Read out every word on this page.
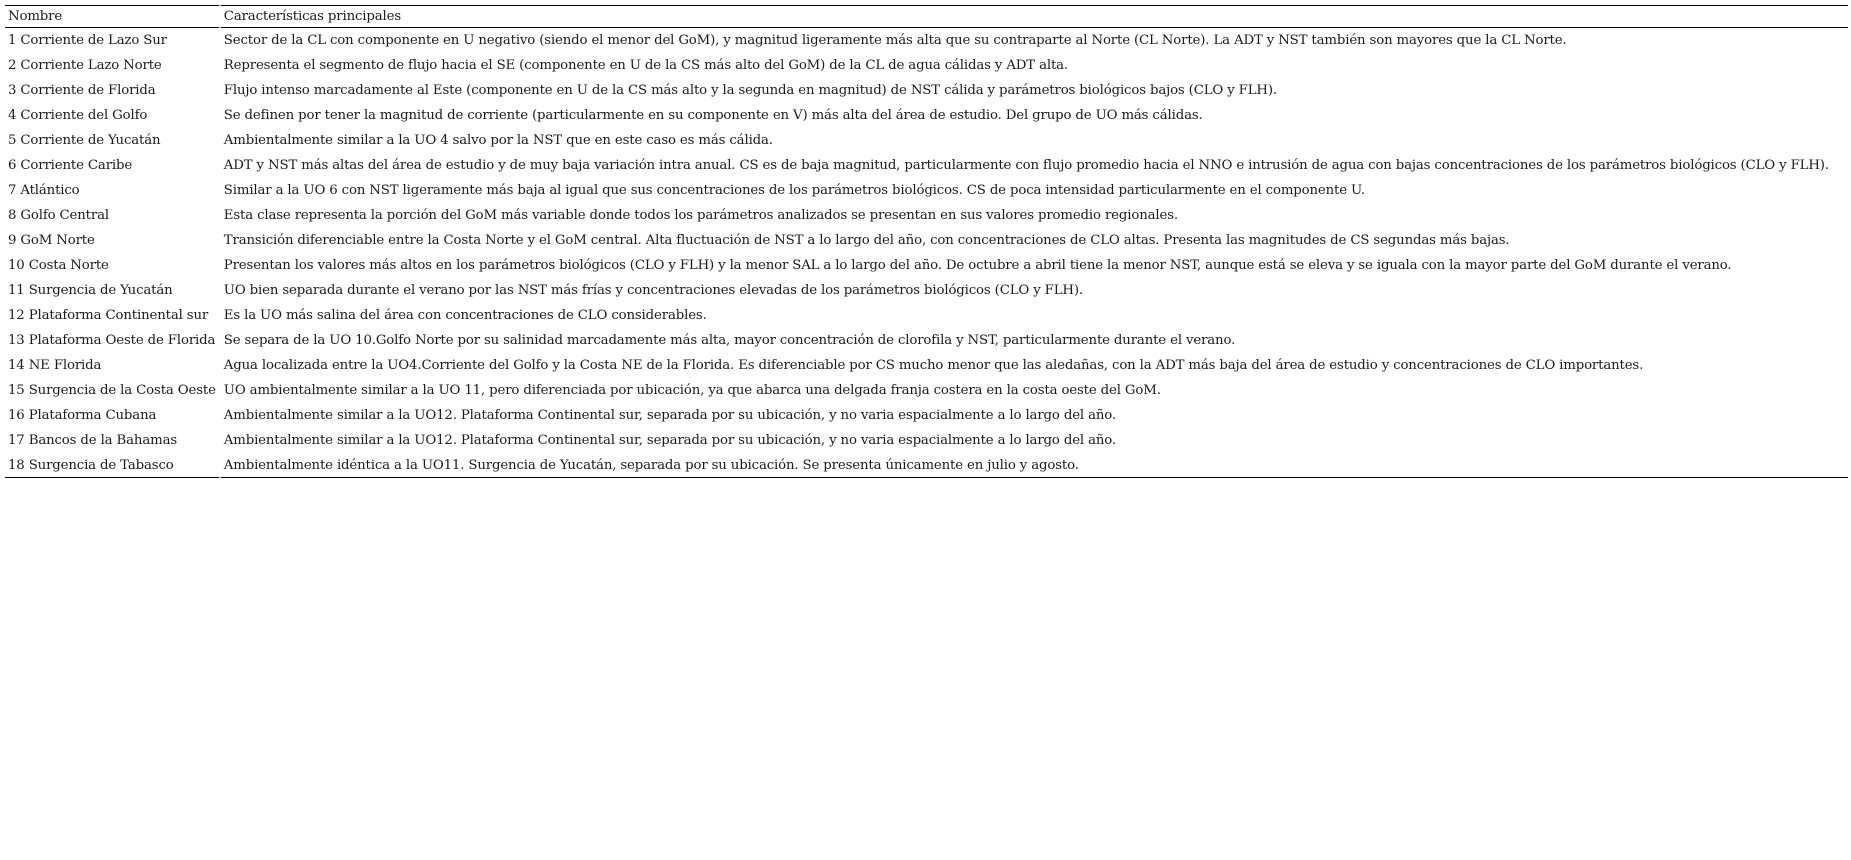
Nombre	Características principales
1 Corriente de Lazo Sur	Sector de la CL con componente en U negativo (siendo el menor del GoM), y magnitud ligeramente más alta que su contraparte al Norte (CL Norte). La ADT y NST también son mayores que la CL Norte.
2 Corriente Lazo Norte	Representa el segmento de flujo hacia el SE (componente en U de la CS más alto del GoM) de la CL de agua cálidas y ADT alta.
3 Corriente de Florida	Flujo intenso marcadamente al Este (componente en U de la CS más alto y la segunda en magnitud) de NST cálida y parámetros biológicos bajos (CLO y FLH).
4 Corriente del Golfo	Se definen por tener la magnitud de corriente (particularmente en su componente en V) más alta del área de estudio. Del grupo de UO más cálidas.
5 Corriente de Yucatán	Ambientalmente similar a la UO 4 salvo por la NST que en este caso es más cálida.
6 Corriente Caribe	ADT y NST más altas del área de estudio y de muy baja variación intra anual. CS es de baja magnitud, particularmente con flujo promedio hacia el NNO e intrusión de agua con bajas concentraciones de los parámetros biológicos (CLO y FLH).
7 Atlántico	Similar a la UO 6 con NST ligeramente más baja al igual que sus concentraciones de los parámetros biológicos. CS de poca intensidad particularmente en el componente U.
8 Golfo Central	Esta clase representa la porción del GoM más variable donde todos los parámetros analizados se presentan en sus valores promedio regionales.
9 GoM Norte	Transición diferenciable entre la Costa Norte y el GoM central. Alta fluctuación de NST a lo largo del año, con concentraciones de CLO altas. Presenta las magnitudes de CS segundas más bajas.
10 Costa Norte	Presentan los valores más altos en los parámetros biológicos (CLO y FLH) y la menor SAL a lo largo del año. De octubre a abril tiene la menor NST, aunque está se eleva y se iguala con la mayor parte del GoM durante el verano.
11 Surgencia de Yucatán	UO bien separada durante el verano por las NST más frías y concentraciones elevadas de los parámetros biológicos (CLO y FLH).
12 Plataforma Continental sur	Es la UO más salina del área con concentraciones de CLO considerables.
13 Plataforma Oeste de Florida	Se separa de la UO 10.Golfo Norte por su salinidad marcadamente más alta, mayor concentración de clorofila y NST, particularmente durante el verano.
14 NE Florida	Agua localizada entre la UO4.Corriente del Golfo y la Costa NE de la Florida. Es diferenciable por CS mucho menor que las aledañas, con la ADT más baja del área de estudio y concentraciones de CLO importantes.
15 Surgencia de la Costa Oeste	UO ambientalmente similar a la UO 11, pero diferenciada por ubicación, ya que abarca una delgada franja costera en la costa oeste del GoM.
16 Plataforma Cubana	Ambientalmente similar a la UO12. Plataforma Continental sur, separada por su ubicación, y no varia espacialmente a lo largo del año.
17 Bancos de la Bahamas	Ambientalmente similar a la UO12. Plataforma Continental sur, separada por su ubicación, y no varia espacialmente a lo largo del año.
18 Surgencia de Tabasco	Ambientalmente idéntica a la UO11. Surgencia de Yucatán, separada por su ubicación. Se presenta únicamente en julio y agosto.
